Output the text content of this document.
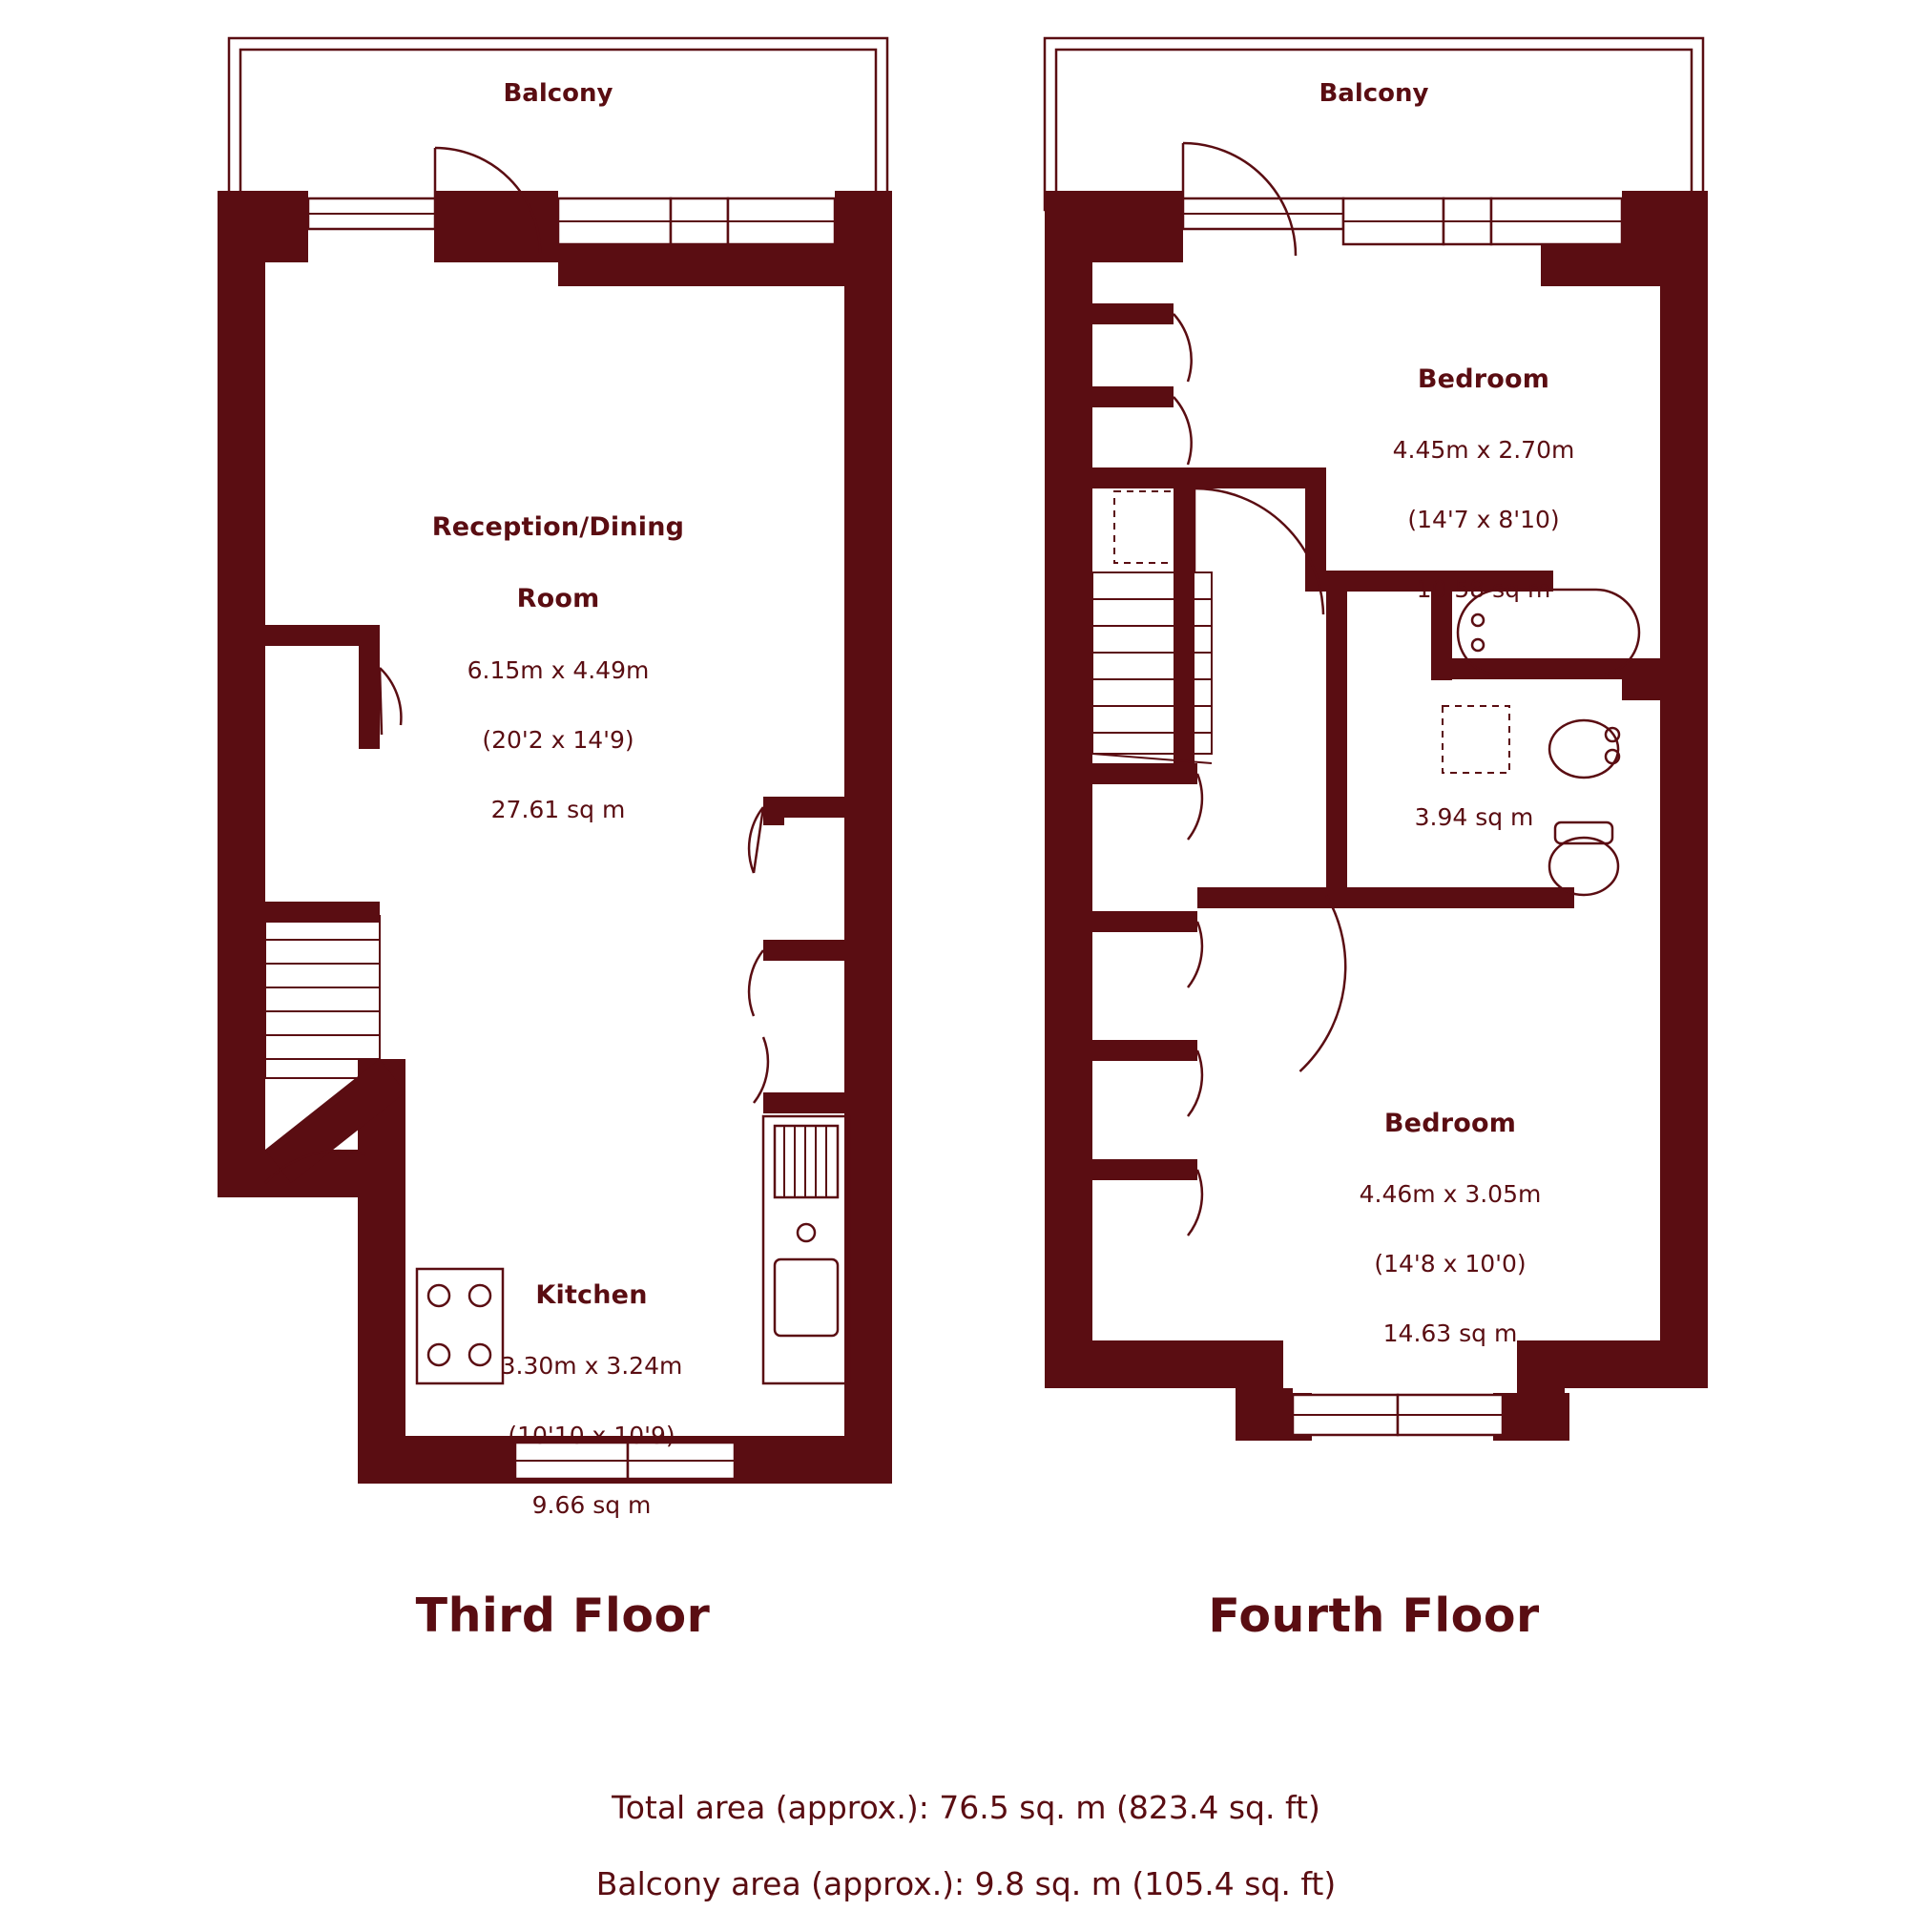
Balcony	Balcony

Reception/Dining

Room

6.15m x 4.49m

(20'2 x 14'9)

27.61 sq m

Kitchen

3.30m x 3.24m

(10'10 x 10'9)

9.66 sq m

Bedroom

4.45m x 2.70m

(14'7 x 8'10)

10.58 sq m

3.94 sq m

Bedroom

4.46m x 3.05m

(14'8 x 10'0)

14.63 sq m

Third Floor	Fourth Floor
Total area (approx.): 76.5 sq. m (823.4 sq. ft)
Balcony area (approx.): 9.8 sq. m (105.4 sq. ft)
